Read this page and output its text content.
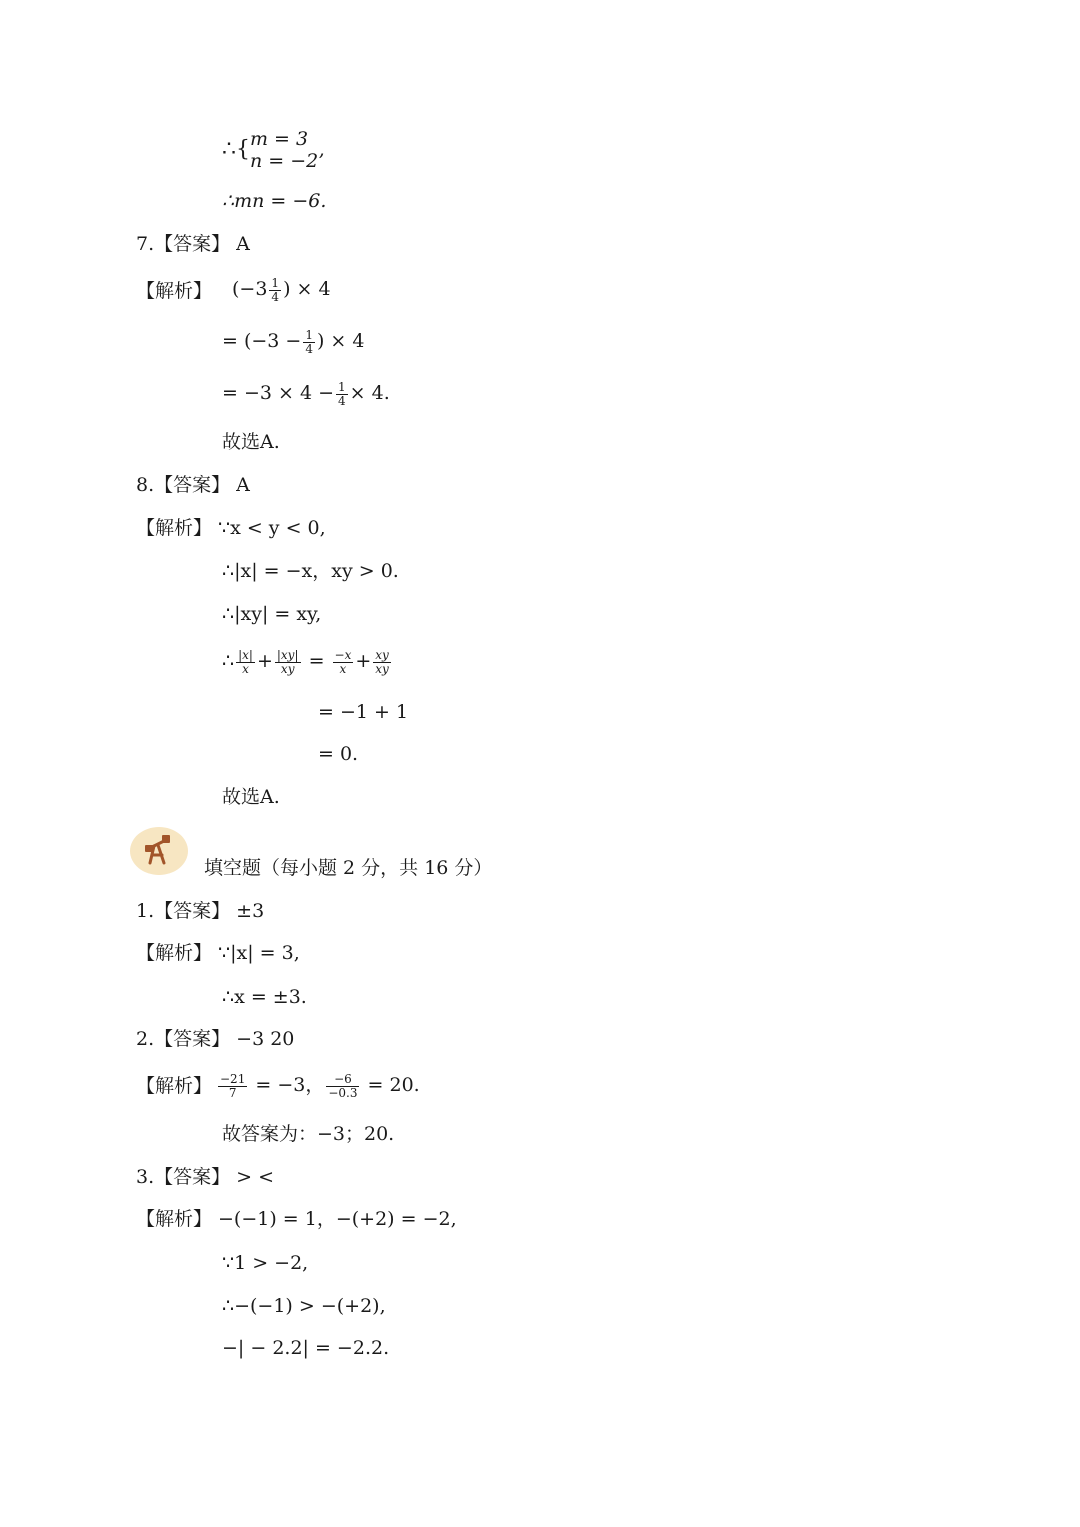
∴{ m = 3
n = −2’
∴mn = −6.
7.【答案】 A
【解析】 ($-3 \frac{1}{4}$ ) × 4
= ($-3 - \frac{1}{4}$ ) × 4
= $-3 \times 4 - \frac{1}{4} \times 4$.
故选A.
8.【答案】 A
【解析】 ∵x < y < 0,
∴|x| = −x，xy > 0.
∴|xy| = xy,
∴ $\frac{|x|}{x} + \frac{|xy|}{xy} = \frac{-x}{x} + \frac{xy}{xy}$
= −1 + 1
= 0.
故选A.
填空题（每小题 2 分，共 16 分）
1.【答案】 ±3
【解析】 ∵|x| = 3,
∴x = ±3.
2.【答案】 −3 20
【解析】 $\frac{-21}{7} = -3$， $\frac{-6}{-0.3} = 20$.
故答案为：−3；20.
3.【答案】 > <
【解析】 −(−1) = 1，−(+2) = −2,
∵1 > −2,
∴−(−1) > −(+2),
−| − 2.2| = −2.2.
